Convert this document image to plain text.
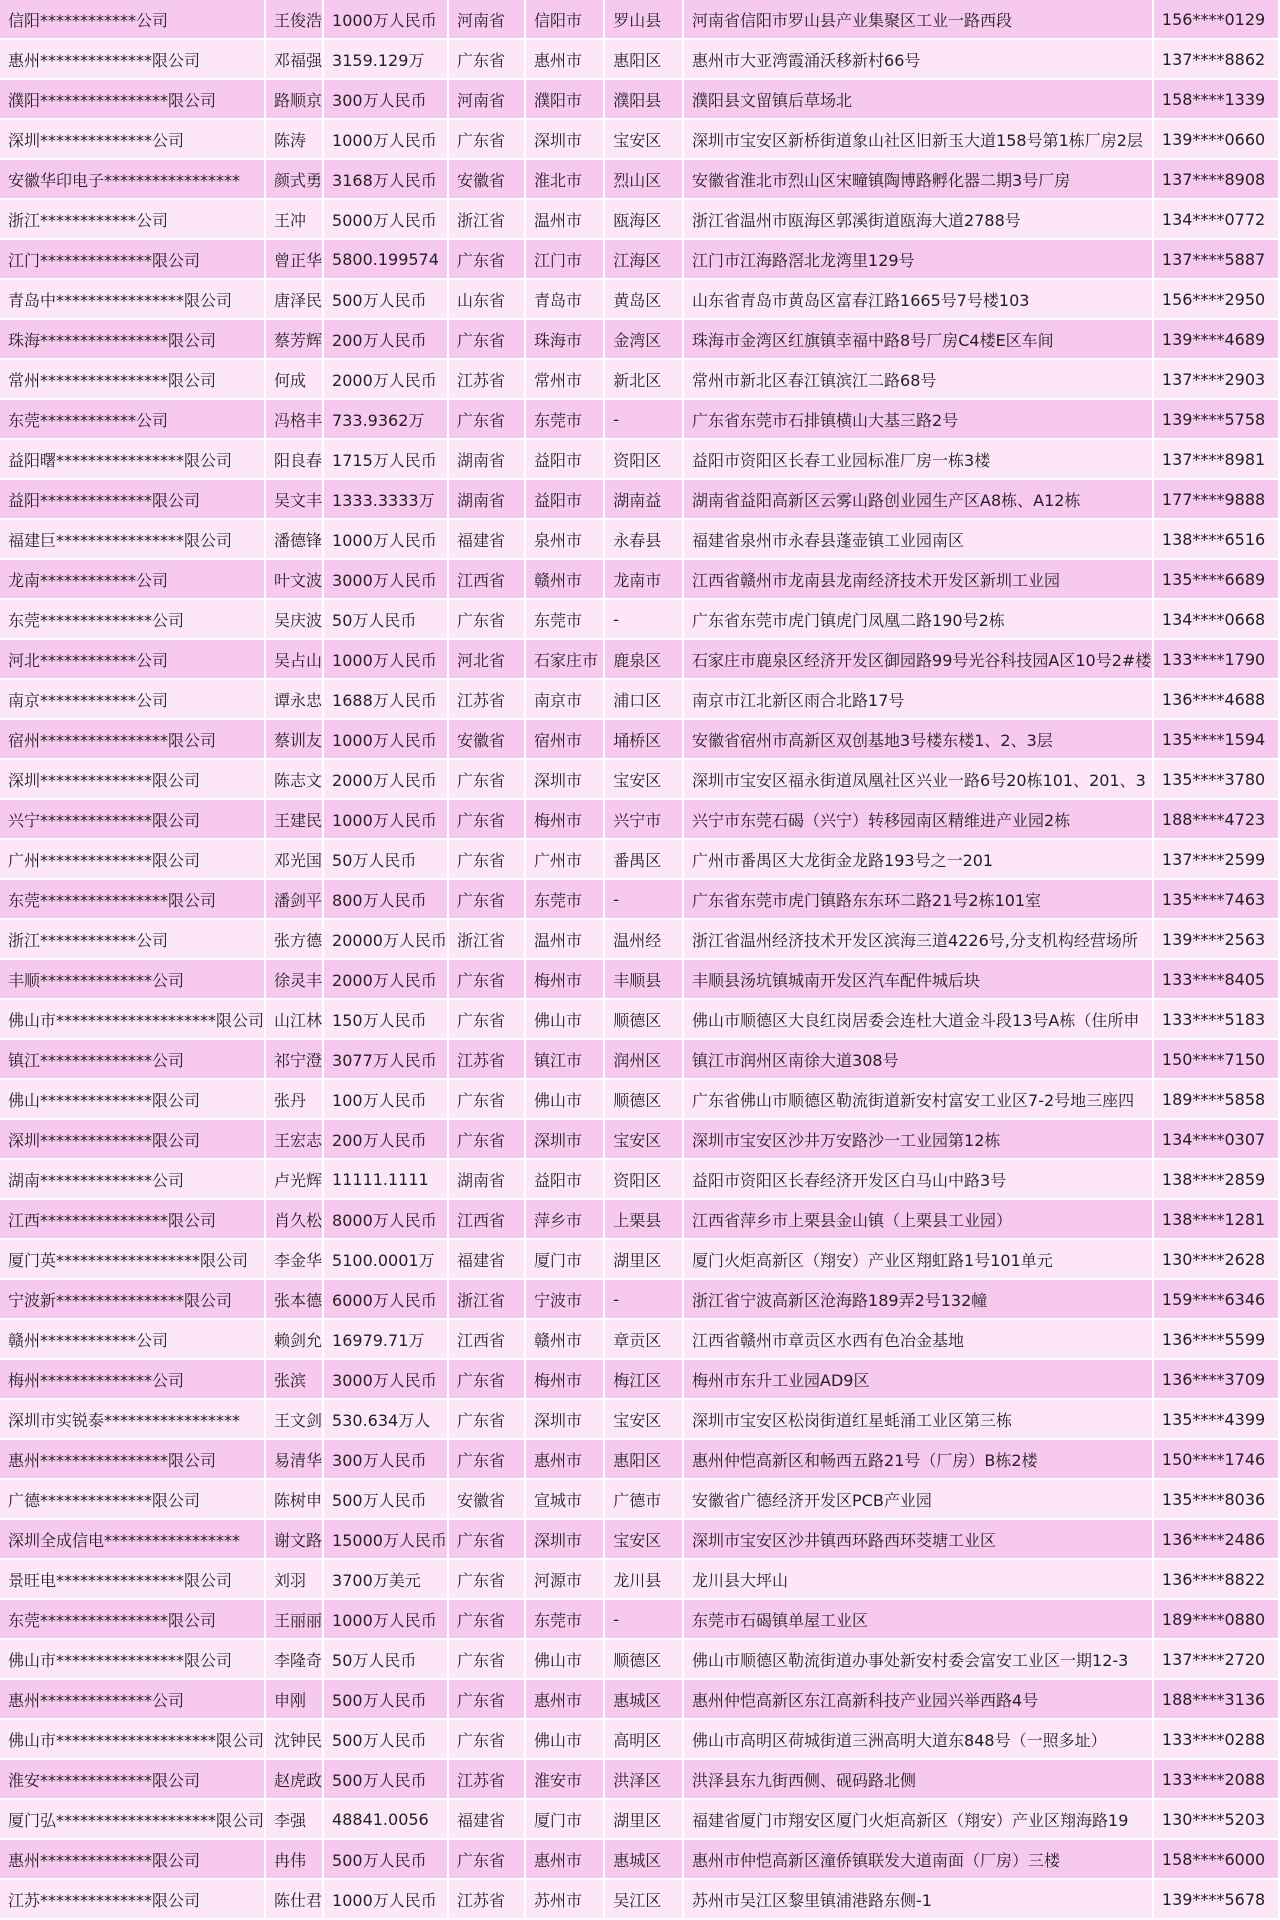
信阳************公司	王俊浩	1000万人民币	河南省	信阳市	罗山县	河南省信阳市罗山县产业集聚区工业一路西段	156****0129
惠州**************限公司	邓福强	3159.129万	广东省	惠州市	惠阳区	惠州市大亚湾霞涌沃移新村66号	137****8862
濮阳****************限公司	路顺京	300万人民币	河南省	濮阳市	濮阳县	濮阳县文留镇后草场北	158****1339
深圳**************公司	陈涛	1000万人民币	广东省	深圳市	宝安区	深圳市宝安区新桥街道象山社区旧新玉大道158号第1栋厂房2层	139****0660
安徽华印电子*****************	颜式勇	3168万人民币	安徽省	淮北市	烈山区	安徽省淮北市烈山区宋疃镇陶博路孵化器二期3号厂房	137****8908
浙江************公司	王冲	5000万人民币	浙江省	温州市	瓯海区	浙江省温州市瓯海区郭溪街道瓯海大道2788号	134****0772
江门**************限公司	曾正华	5800.199574	广东省	江门市	江海区	江门市江海路滘北龙湾里129号	137****5887
青岛中****************限公司	唐泽民	500万人民币	山东省	青岛市	黄岛区	山东省青岛市黄岛区富春江路1665号7号楼103	156****2950
珠海****************限公司	蔡芳辉	200万人民币	广东省	珠海市	金湾区	珠海市金湾区红旗镇幸福中路8号厂房C4楼E区车间	139****4689
常州****************限公司	何成	2000万人民币	江苏省	常州市	新北区	常州市新北区春江镇滨江二路68号	137****2903
东莞************公司	冯格丰	733.9362万	广东省	东莞市	-	广东省东莞市石排镇横山大基三路2号	139****5758
益阳曙****************限公司	阳良春	1715万人民币	湖南省	益阳市	资阳区	益阳市资阳区长春工业园标准厂房一栋3楼	137****8981
益阳**************限公司	吴文丰	1333.3333万	湖南省	益阳市	湖南益	湖南省益阳高新区云雾山路创业园生产区A8栋、A12栋	177****9888
福建巨****************限公司	潘德锋	1000万人民币	福建省	泉州市	永春县	福建省泉州市永春县蓬壶镇工业园南区	138****6516
龙南************公司	叶文波	3000万人民币	江西省	赣州市	龙南市	江西省赣州市龙南县龙南经济技术开发区新圳工业园	135****6689
东莞**************公司	吴庆波	50万人民币	广东省	东莞市	-	广东省东莞市虎门镇虎门凤凰二路190号2栋	134****0668
河北************公司	吴占山	1000万人民币	河北省	石家庄市	鹿泉区	石家庄市鹿泉区经济开发区御园路99号光谷科技园A区10号2#楼	133****1790
南京************公司	谭永忠	1688万人民币	江苏省	南京市	浦口区	南京市江北新区雨合北路17号	136****4688
宿州****************限公司	蔡训友	1000万人民币	安徽省	宿州市	埇桥区	安徽省宿州市高新区双创基地3号楼东楼1、2、3层	135****1594
深圳**************限公司	陈志文	2000万人民币	广东省	深圳市	宝安区	深圳市宝安区福永街道凤凰社区兴业一路6号20栋101、201、3	135****3780
兴宁**************限公司	王建民	1000万人民币	广东省	梅州市	兴宁市	兴宁市东莞石碣（兴宁）转移园南区精维进产业园2栋	188****4723
广州**************限公司	邓光国	50万人民币	广东省	广州市	番禺区	广州市番禺区大龙街金龙路193号之一201	137****2599
东莞****************限公司	潘剑平	800万人民币	广东省	东莞市	-	广东省东莞市虎门镇路东东环二路21号2栋101室	135****7463
浙江************公司	张方德	20000万人民币	浙江省	温州市	温州经	浙江省温州经济技术开发区滨海三道4226号,分支机构经营场所	139****2563
丰顺**************公司	徐灵丰	2000万人民币	广东省	梅州市	丰顺县	丰顺县汤坑镇城南开发区汽车配件城后块	133****8405
佛山市********************限公司	山江林	150万人民币	广东省	佛山市	顺德区	佛山市顺德区大良红岗居委会连杜大道金斗段13号A栋（住所申	133****5183
镇江**************公司	祁宁澄	3077万人民币	江苏省	镇江市	润州区	镇江市润州区南徐大道308号	150****7150
佛山**************限公司	张丹	100万人民币	广东省	佛山市	顺德区	广东省佛山市顺德区勒流街道新安村富安工业区7-2号地三座四	189****5858
深圳**************限公司	王宏志	200万人民币	广东省	深圳市	宝安区	深圳市宝安区沙井万安路沙一工业园第12栋	134****0307
湖南**************公司	卢光辉	11111.1111	湖南省	益阳市	资阳区	益阳市资阳区长春经济开发区白马山中路3号	138****2859
江西****************限公司	肖久松	8000万人民币	江西省	萍乡市	上栗县	江西省萍乡市上栗县金山镇（上栗县工业园）	138****1281
厦门英******************限公司	李金华	5100.0001万	福建省	厦门市	湖里区	厦门火炬高新区（翔安）产业区翔虹路1号101单元	130****2628
宁波新****************限公司	张本德	6000万人民币	浙江省	宁波市	-	浙江省宁波高新区沧海路189弄2号132幢	159****6346
赣州************公司	赖剑允	16979.71万	江西省	赣州市	章贡区	江西省赣州市章贡区水西有色冶金基地	136****5599
梅州**************公司	张滨	3000万人民币	广东省	梅州市	梅江区	梅州市东升工业园AD9区	136****3709
深圳市实锐泰*****************	王文剑	530.634万人	广东省	深圳市	宝安区	深圳市宝安区松岗街道红星蚝涌工业区第三栋	135****4399
惠州****************限公司	易清华	300万人民币	广东省	惠州市	惠阳区	惠州仲恺高新区和畅西五路21号（厂房）B栋2楼	150****1746
广德**************限公司	陈树申	500万人民币	安徽省	宣城市	广德市	安徽省广德经济开发区PCB产业园	135****8036
深圳全成信电*****************	谢文路	15000万人民币	广东省	深圳市	宝安区	深圳市宝安区沙井镇西环路西环茭塘工业区	136****2486
景旺电****************限公司	刘羽	3700万美元	广东省	河源市	龙川县	龙川县大坪山	136****8822
东莞****************限公司	王丽丽	1000万人民币	广东省	东莞市	-	东莞市石碣镇单屋工业区	189****0880
佛山市****************限公司	李隆奇	50万人民币	广东省	佛山市	顺德区	佛山市顺德区勒流街道办事处新安村委会富安工业区一期12-3	137****2720
惠州**************公司	申刚	500万人民币	广东省	惠州市	惠城区	惠州仲恺高新区东江高新科技产业园兴举西路4号	188****3136
佛山市********************限公司	沈钟民	500万人民币	广东省	佛山市	高明区	佛山市高明区荷城街道三洲高明大道东848号（一照多址）	133****0288
淮安**************限公司	赵虎政	500万人民币	江苏省	淮安市	洪泽区	洪泽县东九街西侧、砚码路北侧	133****2088
厦门弘********************限公司	李强	48841.0056	福建省	厦门市	湖里区	福建省厦门市翔安区厦门火炬高新区（翔安）产业区翔海路19	130****5203
惠州**************限公司	冉伟	500万人民币	广东省	惠州市	惠城区	惠州市仲恺高新区潼侨镇联发大道南面（厂房）三楼	158****6000
江苏**************限公司	陈仕君	1000万人民币	江苏省	苏州市	吴江区	苏州市吴江区黎里镇浦港路东侧-1	139****5678
